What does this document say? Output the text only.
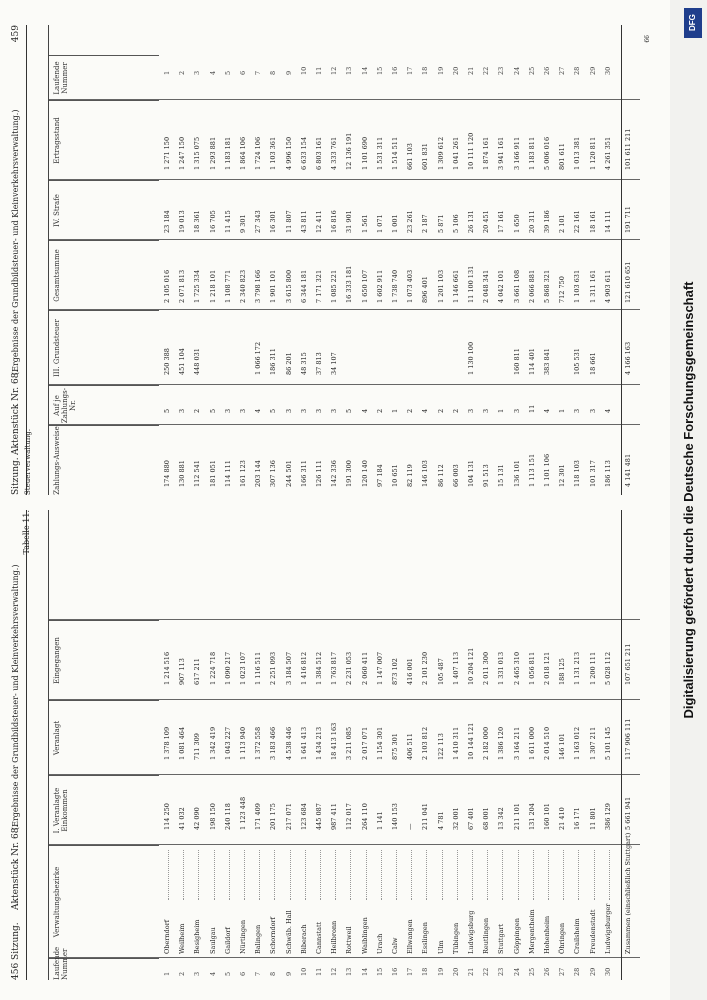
456 Sitzung.
Aktenstück Nr. 68.
(Ergebnisse der Grundbildsteuer- und Kleinverkehrsverwaltung.)
Tabelle 11.
Laufende Nummer
Verwaltungsbezirke
I. Veranlagte Einkommen
Veranlagt
Eingegangen
1
Oberndorf
114 250
1 378 109
1 214 516
2
Weilheim
41 032
1 081 464
907 113
3
Besigheim
42 090
711 309
617 211
4
Saulgau
198 150
1 342 419
1 224 718
5
Gaildorf
240 118
1 043 227
1 090 217
6
Nürtingen
1 123 448
1 113 940
1 023 107
7
Balingen
171 409
1 372 558
1 116 511
8
Schorndorf
201 175
3 183 466
2 251 093
9
Schwäb. Hall
217 071
4 538 446
3 184 507
10
Biberach
123 684
1 641 413
1 416 812
11
Cannstatt
445 087
1 434 213
1 384 512
12
Heilbronn
987 411
18 413 163
1 763 817
13
Rottweil
112 017
3 211 085
2 231 053
14
Waiblingen
264 110
2 017 071
2 060 411
15
Urach
1 141
1 154 301
1 147 007
16
Calw
140 153
875 301
873 102
17
Ellwangen
—
406 511
416 001
18
Esslingen
211 041
2 103 812
2 101 230
19
Ulm
4 781
122 113
105 487
20
Tübingen
32 001
1 410 311
1 407 113
21
Ludwigsburg
67 401
10 144 121
10 204 121
22
Reutlingen
68 001
2 182 000
2 011 300
23
Stuttgart
13 342
1 386 120
1 331 013
24
Göppingen
211 101
3 164 211
2 465 310
25
Mergentheim
131 204
1 611 000
1 056 811
26
Hohenheim
160 101
2 014 510
2 018 121
27
Öhringen
21 410
146 101
188 125
28
Crailsheim
16 171
1 163 012
1 131 213
29
Freudenstadt
11 801
1 307 211
1 200 111
30
Ludwigsburger
386 129
5 101 145
5 028 112
Zusammen (einschließlich Stuttgart)
5 661 941
117 906 111
107 651 211
Sitzung.
Aktenstück Nr. 68.
(Ergebnisse der Grundbildsteuer- und Kleinverkehrsverwaltung.)
459
Steuerverwaltung.	Zahlungs-Ausweise
Auf je Zahlungs-Nr.
III. Grundsteuer
Gesamtsumme
IV. Strafe
Ertragsstand
Laufende Nummer
174 880
5
250 388
2 105 016
23 184
1 271 150
1
130 881
3
451 104
2 071 813
19 013
1 247 150
2
112 541
2
448 031
1 725 334
18 361
1 315 075
3
181 051
5
1 218 101
16 705
1 293 881
4
114 111
3
1 108 771
11 415
1 183 181
5
161 123
3
2 340 823
9 301
1 864 106
6
203 144
4
1 066 172
3 798 166
27 343
1 724 106
7
307 136
5
186 311
1 901 101
16 301
1 103 361
8
244 501
3
86 201
3 615 800
11 807
4 996 150
9
166 311
3
48 315
6 344 181
43 811
6 633 154
10
126 111
3
37 813
7 171 321
12 411
6 803 161
11
142 336
3
34 107
1 085 221
16 816
4 333 761
12
191 300
5
16 333 181
31 901
12 136 191
13
120 140
4
1 650 107
1 561
1 101 690
14
97 184
2
1 602 911
1 071
1 531 311
15
10 651
1
1 738 740
1 001
1 514 511
16
82 119
2
1 073 403
23 261
661 103
17
146 103
4
896 401
2 187
601 831
18
86 112
2
1 201 103
5 871
1 309 612
19
66 003
2
1 146 661
5 106
1 041 261
20
104 131
3
1 130 100
11 100 131
26 131
10 111 120
21
91 513
3
2 048 341
20 451
1 874 161
22
15 131
1
4 042 101
17 161
3 941 161
23
136 101
3
160 811
3 661 108
1 650
3 166 911
24
1 113 151
11
114 401
2 066 881
20 311
1 183 811
25
1 101 106
4
383 841
5 868 321
39 186
5 006 016
26
12 301
1
712 750
2 101
801 611
27
118 103
3
105 531
1 103 631
22 161
1 013 381
28
101 317
3
18 661
1 311 161
18 161
1 120 811
29
186 113
4
4 903 611
14 111
4 261 351
30
4 141 481
4 166 163
121 610 651
191 711
101 611 211
66
Digitalisierung gefördert durch die Deutsche Forschungsgemeinschaft
DFG
